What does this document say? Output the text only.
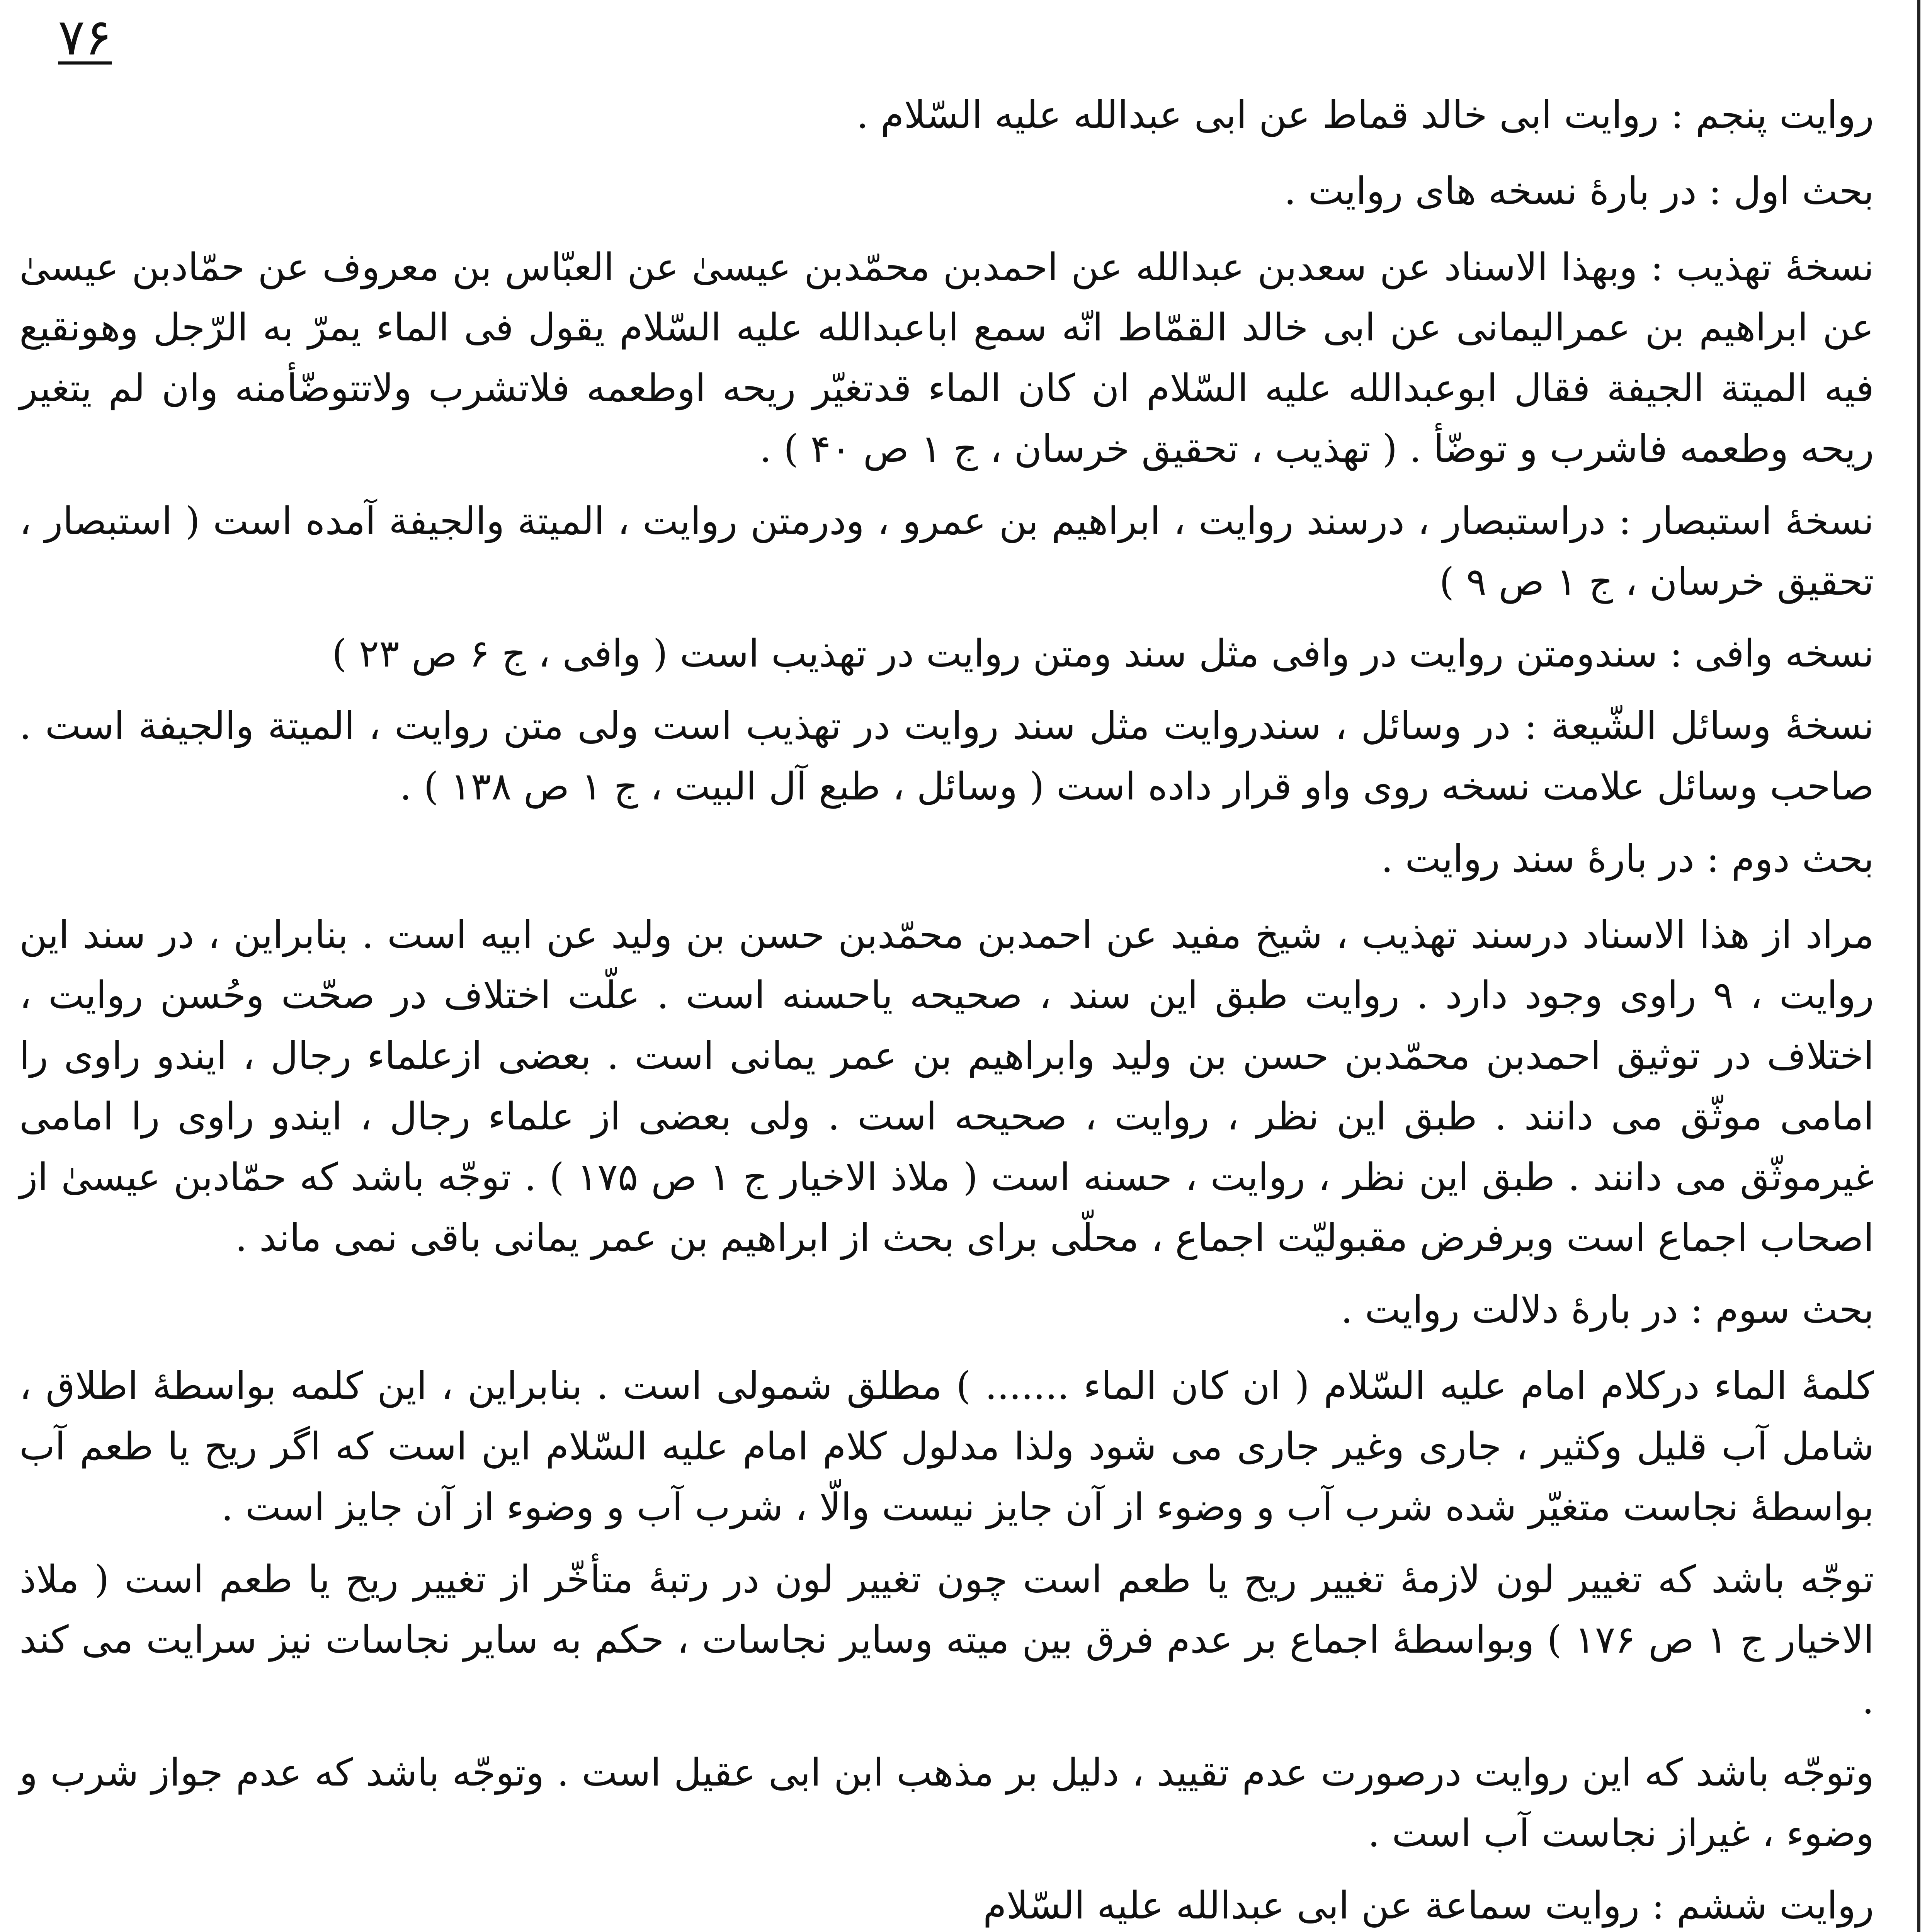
۷۶

روایت پنجم : روایت ابی خالد قماط عن ابی عبدالله علیه السّلام .

بحث اول : در بارهٔ نسخه های روایت .

نسخهٔ تهذیب : وبهذا الاسناد عن سعدبن عبدالله عن احمدبن محمّدبن عیسیٰ عن العبّاس بن معروف عن حمّادبن عیسیٰ عن ابراهیم بن عمرالیمانی عن ابی خالد القمّاط انّه سمع اباعبدالله علیه السّلام یقول فی الماء یمرّ به الرّجل وهونقیع فیه المیتة الجیفة فقال ابوعبدالله علیه السّلام ان کان الماء قدتغیّر ریحه اوطعمه فلاتشرب ولاتتوضّأمنه وان لم یتغیر ریحه وطعمه فاشرب و توضّأ . ( تهذیب ، تحقیق خرسان ، ج ۱ ص ۴۰ ) .

نسخهٔ استبصار : دراستبصار ، درسند روایت ، ابراهیم بن عمرو ، ودرمتن روایت ، المیتة والجیفة آمده است ( استبصار ، تحقیق خرسان ، ج ۱ ص ۹ )

نسخه وافی : سندومتن روایت در وافی مثل سند ومتن روایت در تهذیب است ( وافی ، ج ۶ ص ۲۳ )

نسخهٔ وسائل الشّیعة : در وسائل ، سندروایت مثل سند روایت در تهذیب است ولی متن روایت ، المیتة والجیفة است . صاحب وسائل علامت نسخه روی واو قرار داده است ( وسائل ، طبع آل البیت ، ج ۱ ص ۱۳۸ ) .

بحث دوم : در بارهٔ سند روایت .

مراد از هذا الاسناد درسند تهذیب ، شیخ مفید عن احمدبن محمّدبن حسن بن ولید عن ابیه است . بنابراین ، در سند این روایت ، ۹ راوی وجود دارد . روایت طبق این سند ، صحیحه یاحسنه است . علّت اختلاف در صحّت وحُسن روایت ، اختلاف در توثیق احمدبن محمّدبن حسن بن ولید وابراهیم بن عمر یمانی است . بعضی ازعلماء رجال ، ایندو راوی را امامی موثّق می دانند . طبق این نظر ، روایت ، صحیحه است . ولی بعضی از علماء رجال ، ایندو راوی را امامی غیرموثّق می دانند . طبق این نظر ، روایت ، حسنه است ( ملاذ الاخیار ج ۱ ص ۱۷۵ ) . توجّه باشد که حمّادبن عیسیٰ از اصحاب اجماع است وبرفرض مقبولیّت اجماع ، محلّی برای بحث از ابراهیم بن عمر یمانی باقی نمی ماند .

بحث سوم : در بارهٔ دلالت روایت .

کلمهٔ الماء درکلام امام علیه السّلام ( ان کان الماء ....... ) مطلق شمولی است . بنابراین ، این کلمه بواسطهٔ اطلاق ، شامل آب قلیل وکثیر ، جاری وغیر جاری می شود ولذا مدلول کلام امام علیه السّلام این است که اگر ریح یا طعم آب بواسطهٔ نجاست متغیّر شده شرب آب و وضوء از آن جایز نیست والّا ، شرب آب و وضوء از آن جایز است .

توجّه باشد که تغییر لون لازمهٔ تغییر ریح یا طعم است چون تغییر لون در رتبهٔ متأخّر از تغییر ریح یا طعم است ( ملاذ الاخیار ج ۱ ص ۱۷۶ ) وبواسطهٔ اجماع بر عدم فرق بین میته وسایر نجاسات ، حکم به سایر نجاسات نیز سرایت می کند .

وتوجّه باشد که این روایت درصورت عدم تقیید ، دلیل بر مذهب ابن ابی عقیل است . وتوجّه باشد که عدم جواز شرب و وضوء ، غیراز نجاست آب است .

روایت ششم : روایت سماعة عن ابی عبدالله علیه السّلام
